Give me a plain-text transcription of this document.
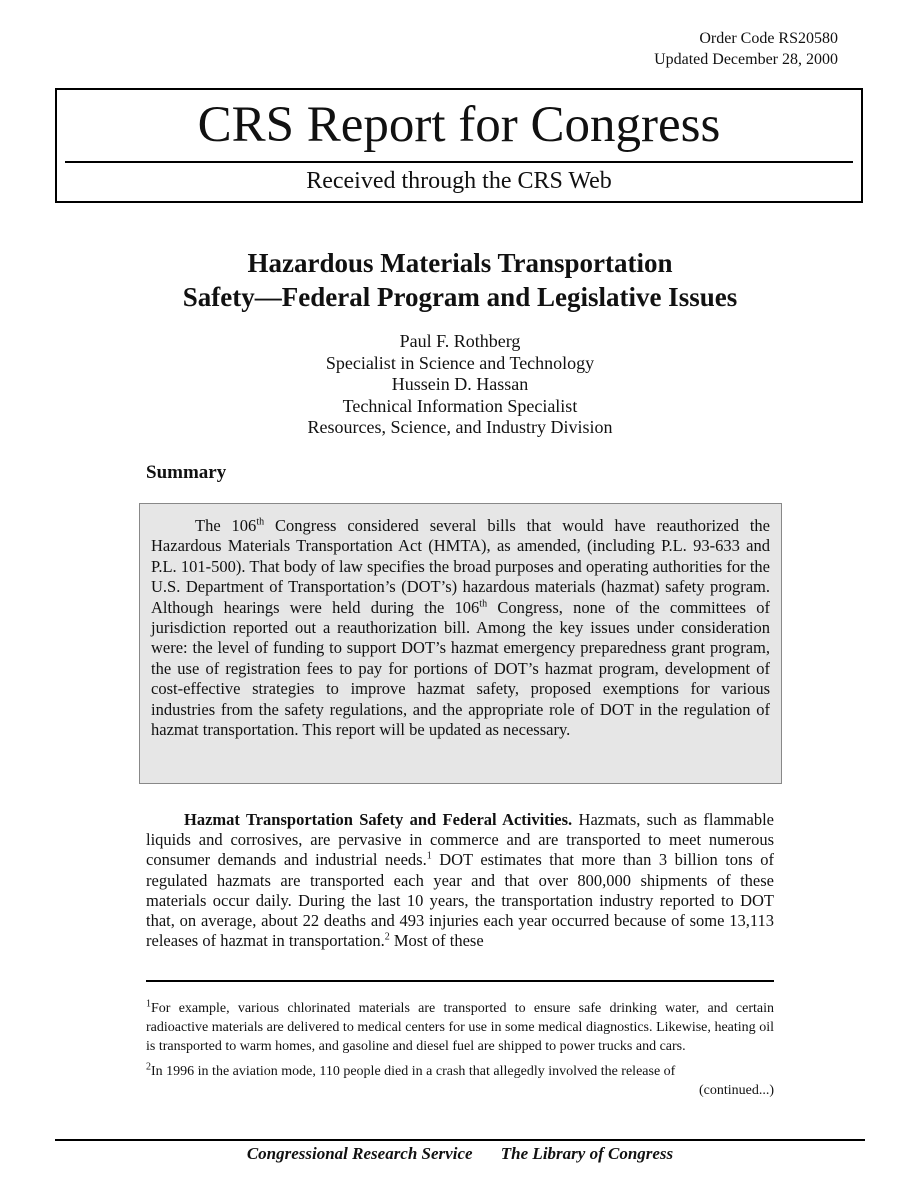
Order Code RS20580
Updated December 28, 2000
CRS Report for Congress
Received through the CRS Web
Hazardous Materials Transportation
Safety—Federal Program and Legislative Issues
Paul F. Rothberg
Specialist in Science and Technology
Hussein D. Hassan
Technical Information Specialist
Resources, Science, and Industry Division
Summary

The 106th Congress considered several bills that would have reauthorized the Hazardous Materials Transportation Act (HMTA), as amended, (including P.L. 93-633 and P.L. 101-500). That body of law specifies the broad purposes and operating authorities for the U.S. Department of Transportation’s (DOT’s) hazardous materials (hazmat) safety program. Although hearings were held during the 106th Congress, none of the committees of jurisdiction reported out a reauthorization bill. Among the key issues under consideration were: the level of funding to support DOT’s hazmat emergency preparedness grant program, the use of registration fees to pay for portions of DOT’s hazmat program, development of cost-effective strategies to improve hazmat safety, proposed exemptions for various industries from the safety regulations, and the appropriate role of DOT in the regulation of hazmat transportation. This report will be updated as necessary.

Hazmat Transportation Safety and Federal Activities. Hazmats, such as flammable liquids and corrosives, are pervasive in commerce and are transported to meet numerous consumer demands and industrial needs.$^1$ DOT estimates that more than 3 billion tons of regulated hazmats are transported each year and that over 800,000 shipments of these materials occur daily. During the last 10 years, the transportation industry reported to DOT that, on average, about 22 deaths and 493 injuries each year occurred because of some 13,113 releases of hazmat in transportation.$^2$ Most of these

$^1$For example, various chlorinated materials are transported to ensure safe drinking water, and certain radioactive materials are delivered to medical centers for use in some medical diagnostics. Likewise, heating oil is transported to warm homes, and gasoline and diesel fuel are shipped to power trucks and cars.

$^2$In 1996 in the aviation mode, 110 people died in a crash that allegedly involved the release of

(continued...)
Congressional Research Service The Library of Congress
